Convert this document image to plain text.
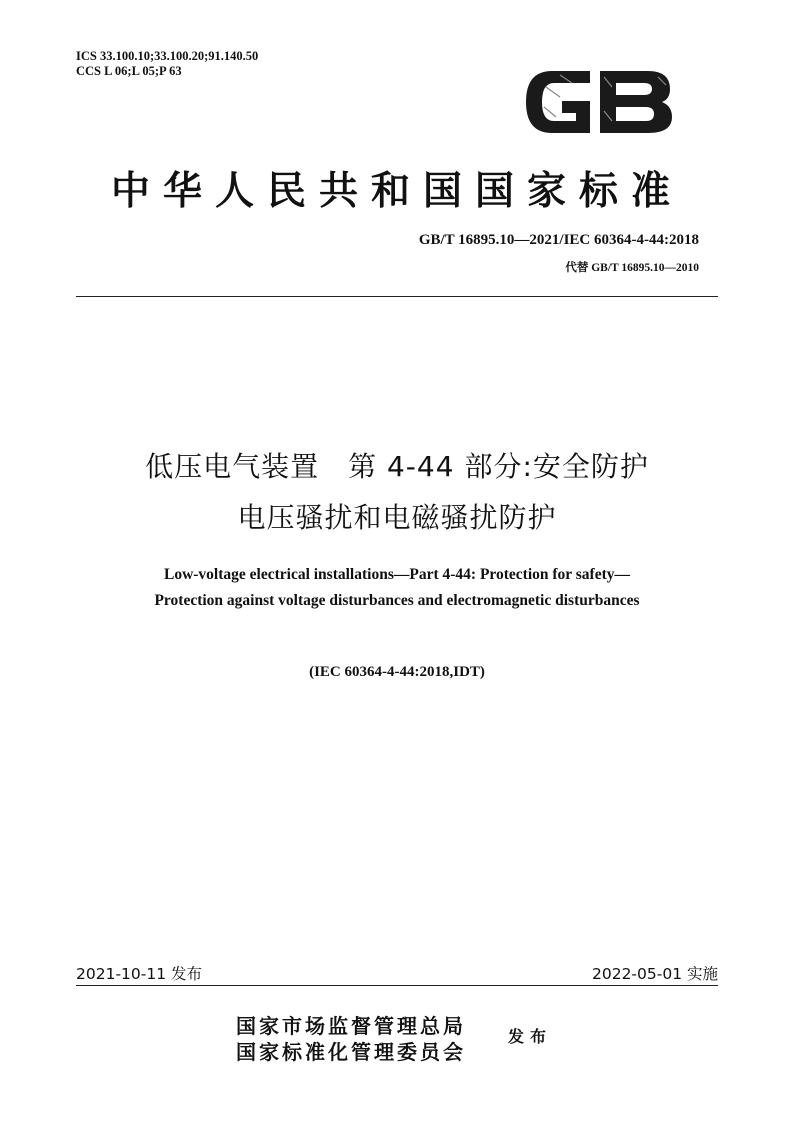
ICS 33.100.10;33.100.20;91.140.50
CCS L 06;L 05;P 63
GB
中华人民共和国国家标准
GB/T 16895.10—2021/IEC 60364-4-44:2018
代替 GB/T 16895.10—2010
低压电气装置　第 4-44 部分:安全防护
电压骚扰和电磁骚扰防护
Low-voltage electrical installations—Part 4-44: Protection for safety—
Protection against voltage disturbances and electromagnetic disturbances
(IEC 60364-4-44:2018,IDT)
2021-10-11 发布	2022-05-01 实施
国家市场监督管理总局
国家标准化管理委员会
发布
